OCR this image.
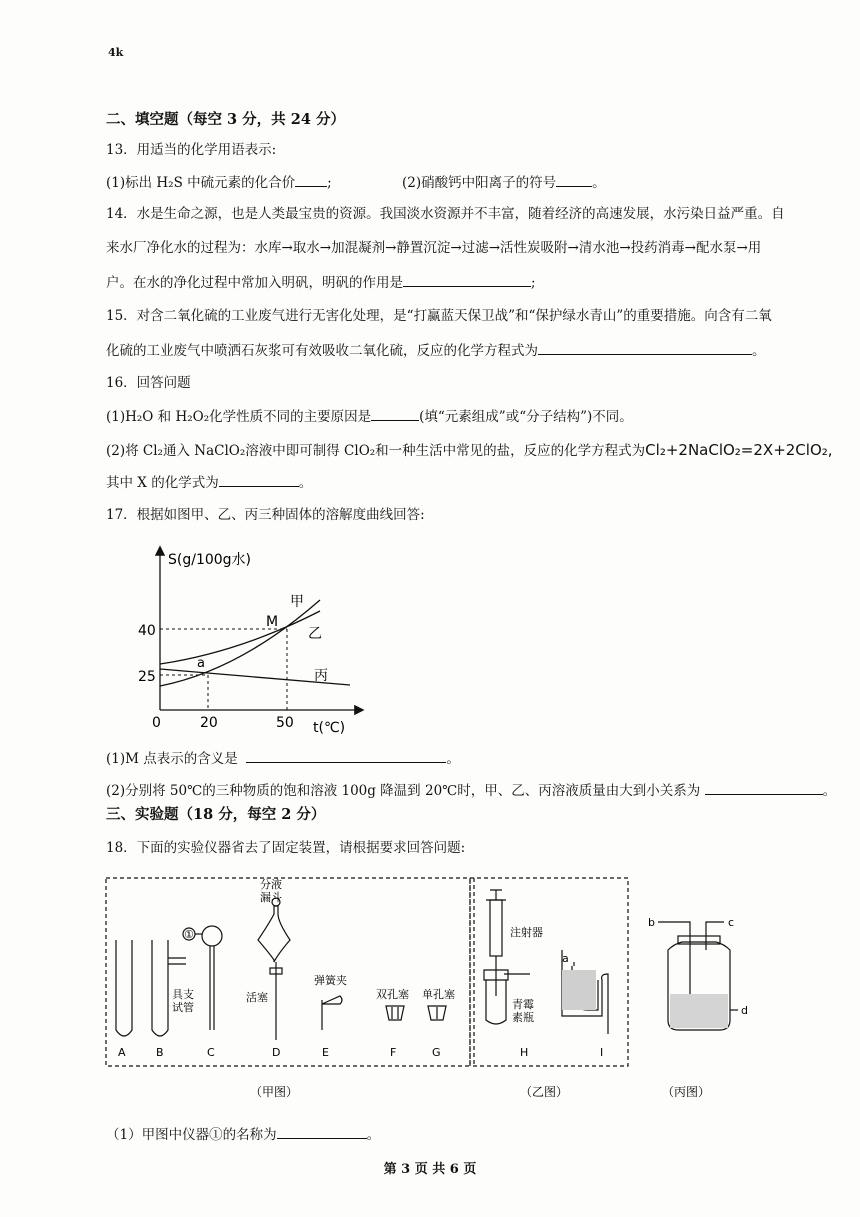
4k
二、填空题（每空 3 分，共 24 分）
13．用适当的化学用语表示:
(1)标出 H₂S 中硫元素的化合价 ;	(2)硝酸钙中阳离子的符号	。
14．水是生命之源，也是人类最宝贵的资源。我国淡水资源并不丰富，随着经济的高速发展，水污染日益严重。自
来水厂净化水的过程为：水库→取水→加混凝剂→静置沉淀→过滤→活性炭吸附→清水池→投药消毒→配水泵→用
户。在水的净化过程中常加入明矾，明矾的作用是	;
15．对含二氧化硫的工业废气进行无害化处理，是“打赢蓝天保卫战”和“保护绿水青山”的重要措施。向含有二氧
化硫的工业废气中喷洒石灰浆可有效吸收二氧化硫，反应的化学方程式为	。
16．回答问题
(1)H₂O 和 H₂O₂化学性质不同的主要原因是	(填“元素组成”或“分子结构”)不同。
(2)将 Cl₂通入 NaClO₂溶液中即可制得 ClO₂和一种生活中常见的盐，反应的化学方程式为Cl₂+2NaClO₂=2X+2ClO₂,
其中 X 的化学式为	。
17．根据如图甲、乙、丙三种固体的溶解度曲线回答:
S(g/100g水)
t(℃)
40
25
0	20	50
甲
乙
丙
M
a
(1)M 点表示的含义是	。
(2)分别将 50℃的三种物质的饱和溶液 100g 降温到 20℃时，甲、乙、丙溶液质量由大到小关系为	。
三、实验题（18 分，每空 2 分）
18．下面的实验仪器省去了固定装置，请根据要求回答问题:
A	B	C	D	E	F	G	H	I
①
分液
漏斗
具支
试管
活塞
弹簧夹
双孔塞 单孔塞
注射器
青霉
素瓶
a
b	c
d
（甲图）	（乙图）	（丙图）
（1）甲图中仪器①的名称为	。
第 3 页 共 6 页
